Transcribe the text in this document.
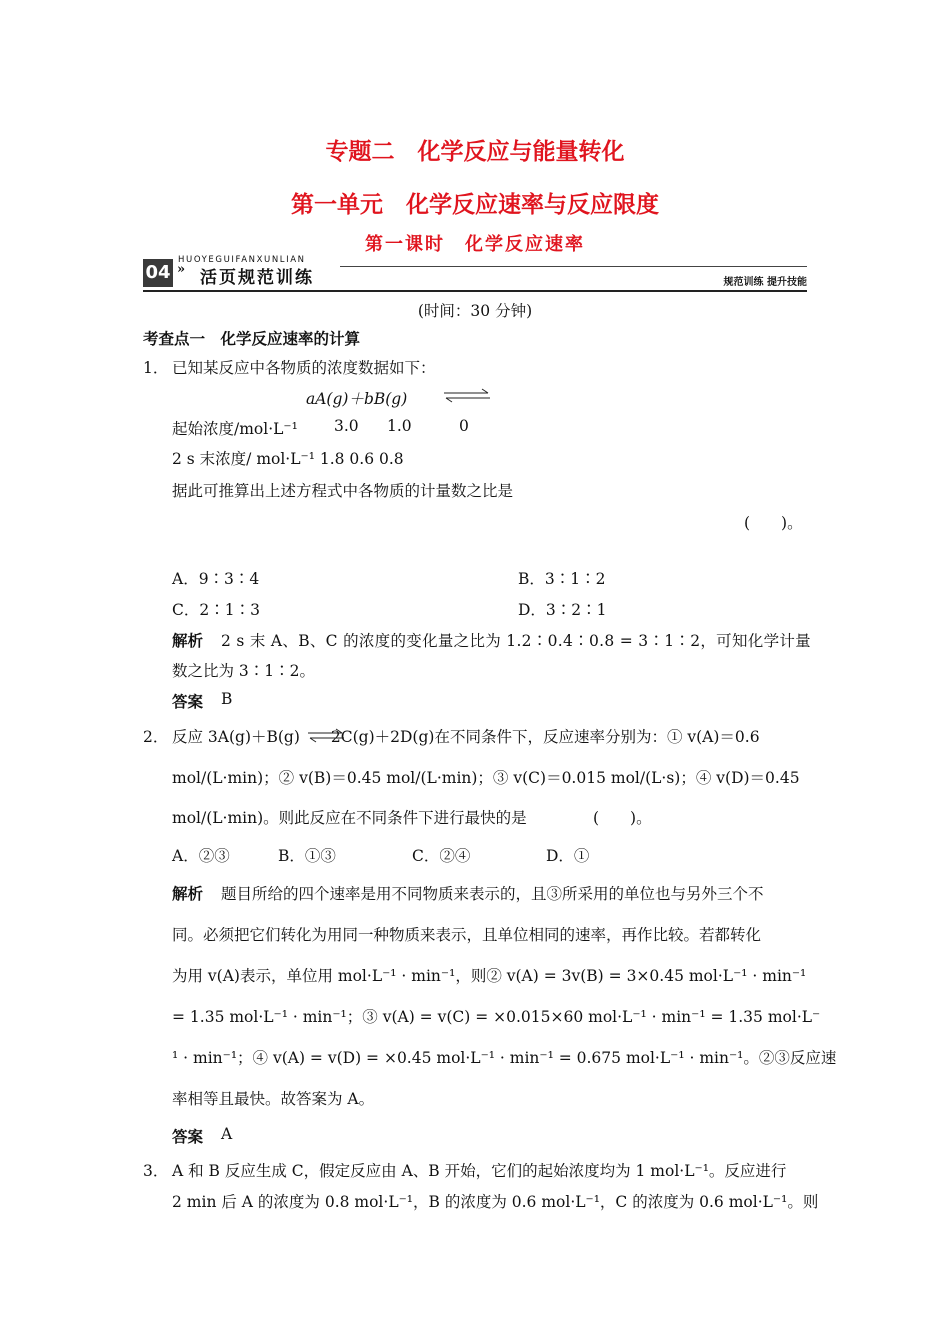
专题二　化学反应与能量转化
第一单元　化学反应速率与反应限度
第一课时　化学反应速率
HUOYEGUIFANXUNLIAN
04 » 活页规范训练	规范训练 提升技能
(时间：30 分钟)
考查点一　化学反应速率的计算
1． 已知某反应中各物质的浓度数据如下：
aA(g)＋bB(g)
起始浓度/mol·L⁻¹ 3.0 1.0	0
2 s 末浓度/ mol·L⁻¹ 1.8 0.6 0.8
据此可推算出上述方程式中各物质的计量数之比是
(　　)。
A．9∶3∶4	B．3∶1∶2
C．2∶1∶3	D．3∶2∶1
解析 2 s 末 A、B、C 的浓度的变化量之比为 1.2∶0.4∶0.8 = 3∶1∶2，可知化学计量
数之比为 3∶1∶2。
答案 B
2． 反应 3A(g)＋B(g)　　2C(g)＋2D(g)在不同条件下，反应速率分别为：① v(A)＝0.6
mol/(L·min)；② v(B)＝0.45 mol/(L·min)；③ v(C)＝0.015 mol/(L·s)；④ v(D)＝0.45
mol/(L·min)。则此反应在不同条件下进行最快的是	(　　)。
A．②③	B．①③	C．②④	D．①
解析 题目所给的四个速率是用不同物质来表示的，且③所采用的单位也与另外三个不
同。必须把它们转化为用同一种物质来表示，且单位相同的速率，再作比较。若都转化
为用 v(A)表示，单位用 mol·L⁻¹ · min⁻¹，则② v(A) = 3v(B) = 3×0.45 mol·L⁻¹ · min⁻¹
= 1.35 mol·L⁻¹ · min⁻¹；③ v(A) = v(C) = ×0.015×60 mol·L⁻¹ · min⁻¹ = 1.35 mol·L⁻
¹ · min⁻¹；④ v(A) = v(D) = ×0.45 mol·L⁻¹ · min⁻¹ = 0.675 mol·L⁻¹ · min⁻¹。②③反应速
率相等且最快。故答案为 A。
答案 A
3． A 和 B 反应生成 C，假定反应由 A、B 开始，它们的起始浓度均为 1 mol·L⁻¹。反应进行
2 min 后 A 的浓度为 0.8 mol·L⁻¹，B 的浓度为 0.6 mol·L⁻¹，C 的浓度为 0.6 mol·L⁻¹。则
